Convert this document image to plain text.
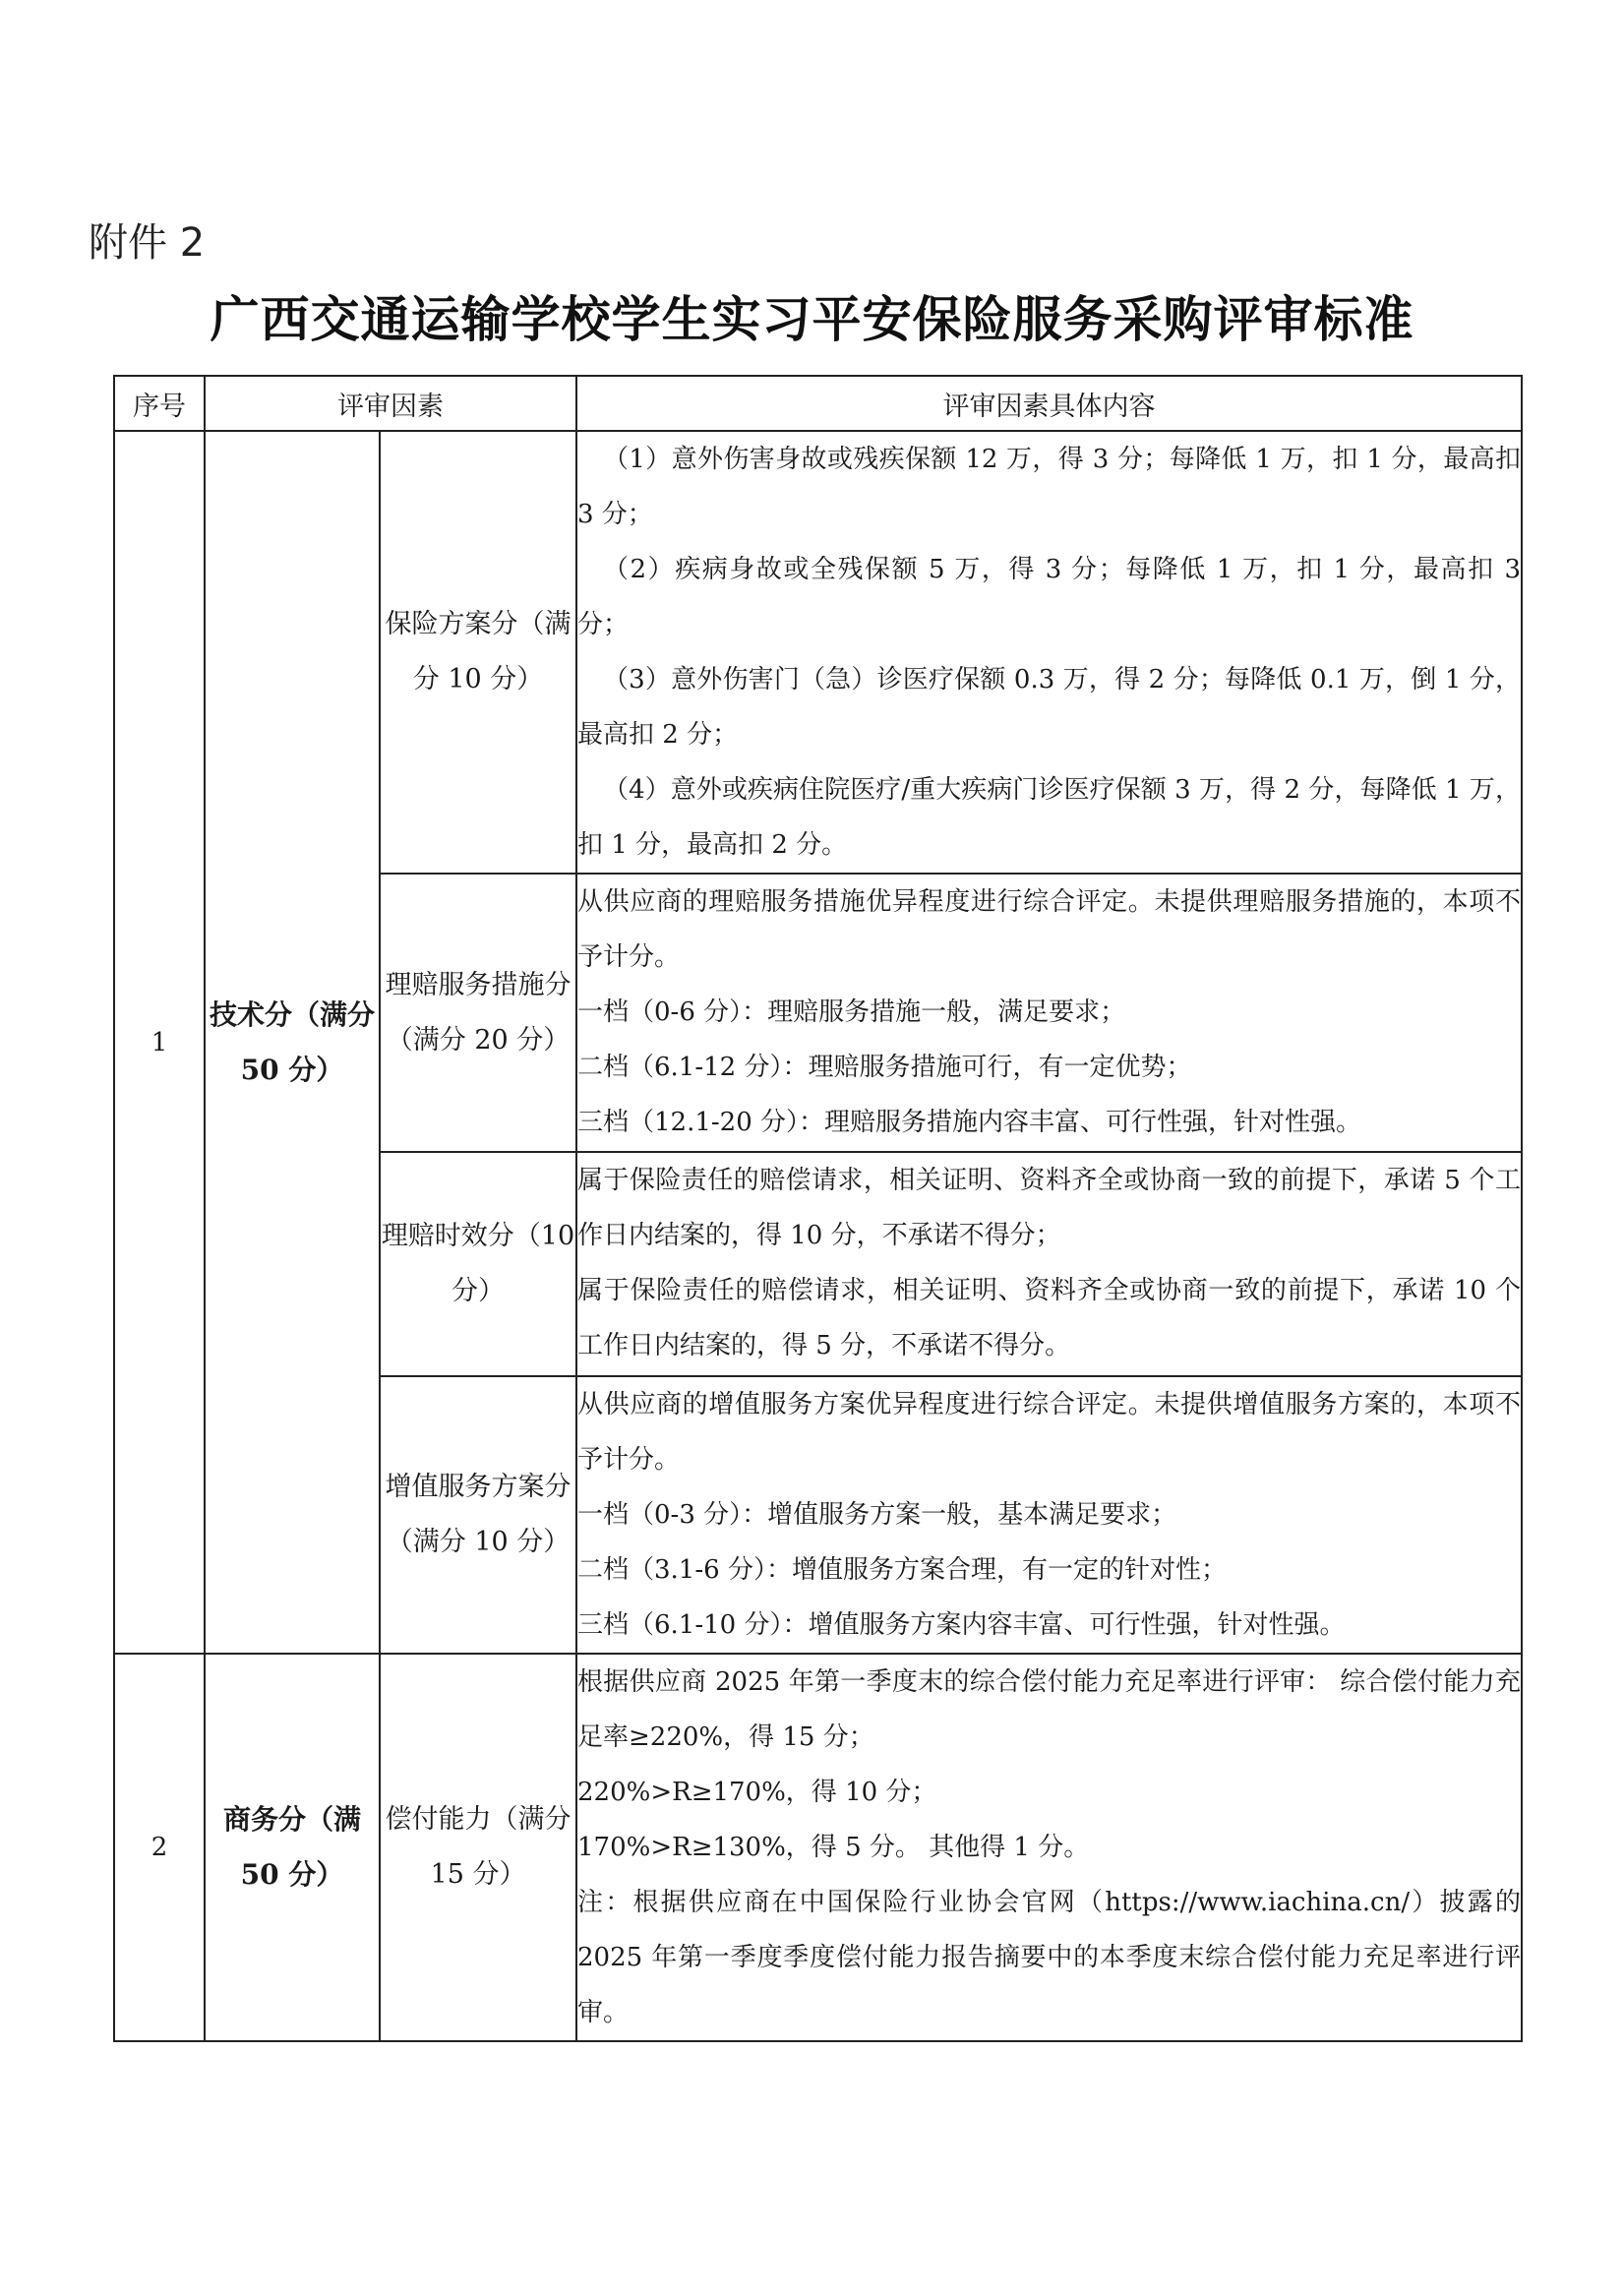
附件 2
广西交通运输学校学生实习平安保险服务采购评审标准
序号	评审因素		评审因素具体内容
1	技术分（满分 50 分）	保险方案分（满分 10 分）	（1）意外伤害身故或残疾保额 12 万，得 3 分；每降低 1 万，扣 1 分，最高扣 3 分；

（2）疾病身故或全残保额 5 万，得 3 分；每降低 1 万，扣 1 分，最高扣 3 分；

（3）意外伤害门（急）诊医疗保额 0.3 万，得 2 分；每降低 0.1 万，倒 1 分，最高扣 2 分；

（4）意外或疾病住院医疗/重大疾病门诊医疗保额 3 万，得 2 分，每降低 1 万，扣 1 分，最高扣 2 分。

		理赔服务措施分（满分 20 分）	从供应商的理赔服务措施优异程度进行综合评定。未提供理赔服务措施的，本项不予计分。

一档（0-6 分）：理赔服务措施一般，满足要求；

二档（6.1-12 分）：理赔服务措施可行，有一定优势；

三档（12.1-20 分）：理赔服务措施内容丰富、可行性强，针对性强。

		理赔时效分（10 分）	属于保险责任的赔偿请求，相关证明、资料齐全或协商一致的前提下，承诺 5 个工作日内结案的，得 10 分，不承诺不得分；

属于保险责任的赔偿请求，相关证明、资料齐全或协商一致的前提下，承诺 10 个工作日内结案的，得 5 分，不承诺不得分。

		增值服务方案分（满分 10 分）	从供应商的增值服务方案优异程度进行综合评定。未提供增值服务方案的，本项不予计分。

一档（0-3 分）：增值服务方案一般，基本满足要求；

二档（3.1-6 分）：增值服务方案合理，有一定的针对性；

三档（6.1-10 分）：增值服务方案内容丰富、可行性强，针对性强。

2	商务分（满 50 分）	偿付能力（满分 15 分）	根据供应商 2025 年第一季度末的综合偿付能力充足率进行评审： 综合偿付能力充足率≥220%，得 15 分；

220%>R≥170%，得 10 分；

170%>R≥130%，得 5 分。 其他得 1 分。

注：根据供应商在中国保险行业协会官网（https://www.iachina.cn/）披露的 2025 年第一季度季度偿付能力报告摘要中的本季度末综合偿付能力充足率进行评审。
